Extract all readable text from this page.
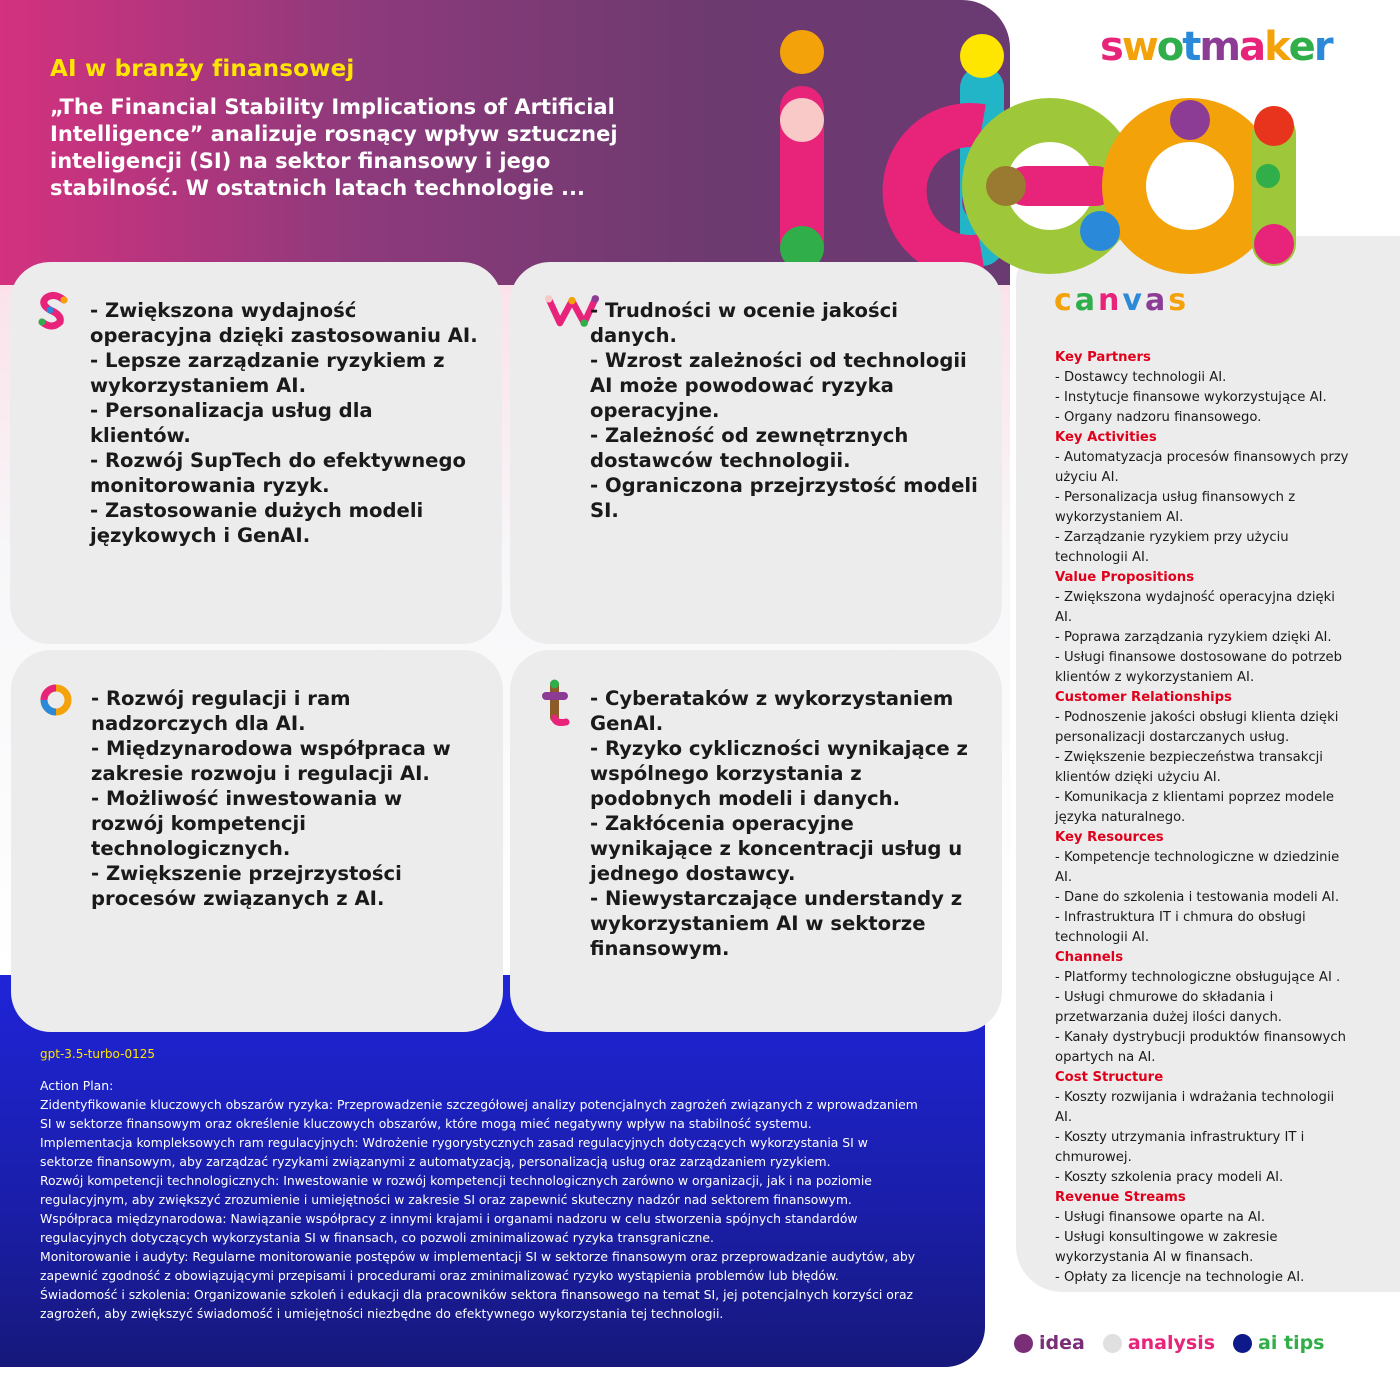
AI w branży finansowej
„The Financial Stability Implications of Artificial Intelligence” analizuje rosnący wpływ sztucznej inteligencji (SI) na sektor finansowy i jego stabilność. W ostatnich latach technologie ...
swotmaker
canvas
- Zwiększona wydajność operacyjna dzięki zastosowaniu AI.
- Lepsze zarządzanie ryzykiem z wykorzystaniem AI.
- Personalizacja usług dla klientów.
- Rozwój SupTech do efektywnego monitorowania ryzyk.
- Zastosowanie dużych modeli językowych i GenAI.
- Trudności w ocenie jakości danych.
- Wzrost zależności od technologii AI może powodować ryzyka operacyjne.
- Zależność od zewnętrznych dostawców technologii.
- Ograniczona przejrzystość modeli SI.
- Rozwój regulacji i ram nadzorczych dla AI.
- Międzynarodowa współpraca w zakresie rozwoju i regulacji AI.
- Możliwość inwestowania w rozwój kompetencji technologicznych.
- Zwiększenie przejrzystości procesów związanych z AI.
- Cyberataków z wykorzystaniem GenAI.
- Ryzyko cykliczności wynikające z wspólnego korzystania z podobnych modeli i danych.
- Zakłócenia operacyjne wynikające z koncentracji usług u jednego dostawcy.
- Niewystarczające understandy z wykorzystaniem AI w sektorze finansowym.
gpt-3.5-turbo-0125
Action Plan:
Zidentyfikowanie kluczowych obszarów ryzyka: Przeprowadzenie szczegółowej analizy potencjalnych zagrożeń związanych z wprowadzaniem
SI w sektorze finansowym oraz określenie kluczowych obszarów, które mogą mieć negatywny wpływ na stabilność systemu.
Implementacja kompleksowych ram regulacyjnych: Wdrożenie rygorystycznych zasad regulacyjnych dotyczących wykorzystania SI w
sektorze finansowym, aby zarządzać ryzykami związanymi z automatyzacją, personalizacją usług oraz zarządzaniem ryzykiem.
Rozwój kompetencji technologicznych: Inwestowanie w rozwój kompetencji technologicznych zarówno w organizacji, jak i na poziomie
regulacyjnym, aby zwiększyć zrozumienie i umiejętności w zakresie SI oraz zapewnić skuteczny nadzór nad sektorem finansowym.
Współpraca międzynarodowa: Nawiązanie współpracy z innymi krajami i organami nadzoru w celu stworzenia spójnych standardów
regulacyjnych dotyczących wykorzystania SI w finansach, co pozwoli zminimalizować ryzyka transgraniczne.
Monitorowanie i audyty: Regularne monitorowanie postępów w implementacji SI w sektorze finansowym oraz przeprowadzanie audytów, aby
zapewnić zgodność z obowiązującymi przepisami i procedurami oraz zminimalizować ryzyko wystąpienia problemów lub błędów.
Świadomość i szkolenia: Organizowanie szkoleń i edukacji dla pracowników sektora finansowego na temat SI, jej potencjalnych korzyści oraz
zagrożeń, aby zwiększyć świadomość i umiejętności niezbędne do efektywnego wykorzystania tej technologii.
Key Partners
- Dostawcy technologii AI.
- Instytucje finansowe wykorzystujące AI.
- Organy nadzoru finansowego.
Key Activities
- Automatyzacja procesów finansowych przy użyciu AI.
- Personalizacja usług finansowych z wykorzystaniem AI.
- Zarządzanie ryzykiem przy użyciu technologii AI.
Value Propositions
- Zwiększona wydajność operacyjna dzięki AI.
- Poprawa zarządzania ryzykiem dzięki AI.
- Usługi finansowe dostosowane do potrzeb klientów z wykorzystaniem AI.
Customer Relationships
- Podnoszenie jakości obsługi klienta dzięki personalizacji dostarczanych usług.
- Zwiększenie bezpieczeństwa transakcji klientów dzięki użyciu AI.
- Komunikacja z klientami poprzez modele języka naturalnego.
Key Resources
- Kompetencje technologiczne w dziedzinie AI.
- Dane do szkolenia i testowania modeli AI.
- Infrastruktura IT i chmura do obsługi technologii AI.
Channels
- Platformy technologiczne obsługujące AI .
- Usługi chmurowe do składania i przetwarzania dużej ilości danych.
- Kanały dystrybucji produktów finansowych opartych na AI.
Cost Structure
- Koszty rozwijania i wdrażania technologii AI.
- Koszty utrzymania infrastruktury IT i chmurowej.
- Koszty szkolenia pracy modeli AI.
Revenue Streams
- Usługi finansowe oparte na AI.
- Usługi konsultingowe w zakresie wykorzystania AI w finansach.
- Opłaty za licencje na technologie AI.
idea analysis ai tips
